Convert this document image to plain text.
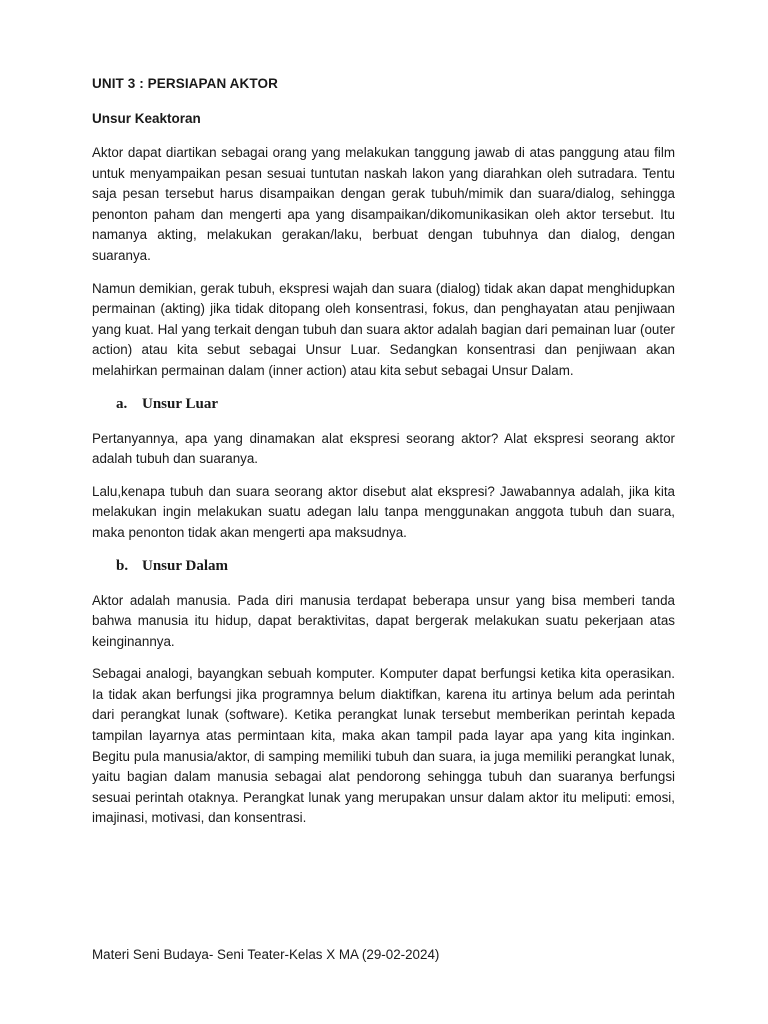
UNIT 3 : PERSIAPAN AKTOR
Unsur Keaktoran

Aktor dapat diartikan sebagai orang yang melakukan tanggung jawab di atas panggung atau film untuk menyampaikan pesan sesuai tuntutan naskah lakon yang diarahkan oleh sutradara. Tentu saja pesan tersebut harus disampaikan dengan gerak tubuh/mimik dan suara/dialog, sehingga penonton paham dan mengerti apa yang disampaikan/dikomunikasikan oleh aktor tersebut. Itu namanya akting, melakukan gerakan/laku, berbuat dengan tubuhnya dan dialog, dengan suaranya.

Namun demikian, gerak tubuh, ekspresi wajah dan suara (dialog) tidak akan dapat menghidupkan permainan (akting) jika tidak ditopang oleh konsentrasi, fokus, dan penghayatan atau penjiwaan yang kuat. Hal yang terkait dengan tubuh dan suara aktor adalah bagian dari pemainan luar (outer action) atau kita sebut sebagai Unsur Luar. Sedangkan konsentrasi dan penjiwaan akan melahirkan permainan dalam (inner action) atau kita sebut sebagai Unsur Dalam.

a. Unsur Luar

Pertanyannya, apa yang dinamakan alat ekspresi seorang aktor? Alat ekspresi seorang aktor adalah tubuh dan suaranya.

Lalu,kenapa tubuh dan suara seorang aktor disebut alat ekspresi? Jawabannya adalah, jika kita melakukan ingin melakukan suatu adegan lalu tanpa menggunakan anggota tubuh dan suara, maka penonton tidak akan mengerti apa maksudnya.

b. Unsur Dalam

Aktor adalah manusia. Pada diri manusia terdapat beberapa unsur yang bisa memberi tanda bahwa manusia itu hidup, dapat beraktivitas, dapat bergerak melakukan suatu pekerjaan atas keinginannya.

Sebagai analogi, bayangkan sebuah komputer. Komputer dapat berfungsi ketika kita operasikan. Ia tidak akan berfungsi jika programnya belum diaktifkan, karena itu artinya belum ada perintah dari perangkat lunak (software). Ketika perangkat lunak tersebut memberikan perintah kepada tampilan layarnya atas permintaan kita, maka akan tampil pada layar apa yang kita inginkan. Begitu pula manusia/aktor, di samping memiliki tubuh dan suara, ia juga memiliki perangkat lunak, yaitu bagian dalam manusia sebagai alat pendorong sehingga tubuh dan suaranya berfungsi sesuai perintah otaknya. Perangkat lunak yang merupakan unsur dalam aktor itu meliputi: emosi, imajinasi, motivasi, dan konsentrasi.

Materi Seni Budaya- Seni Teater-Kelas X MA (29-02-2024)
